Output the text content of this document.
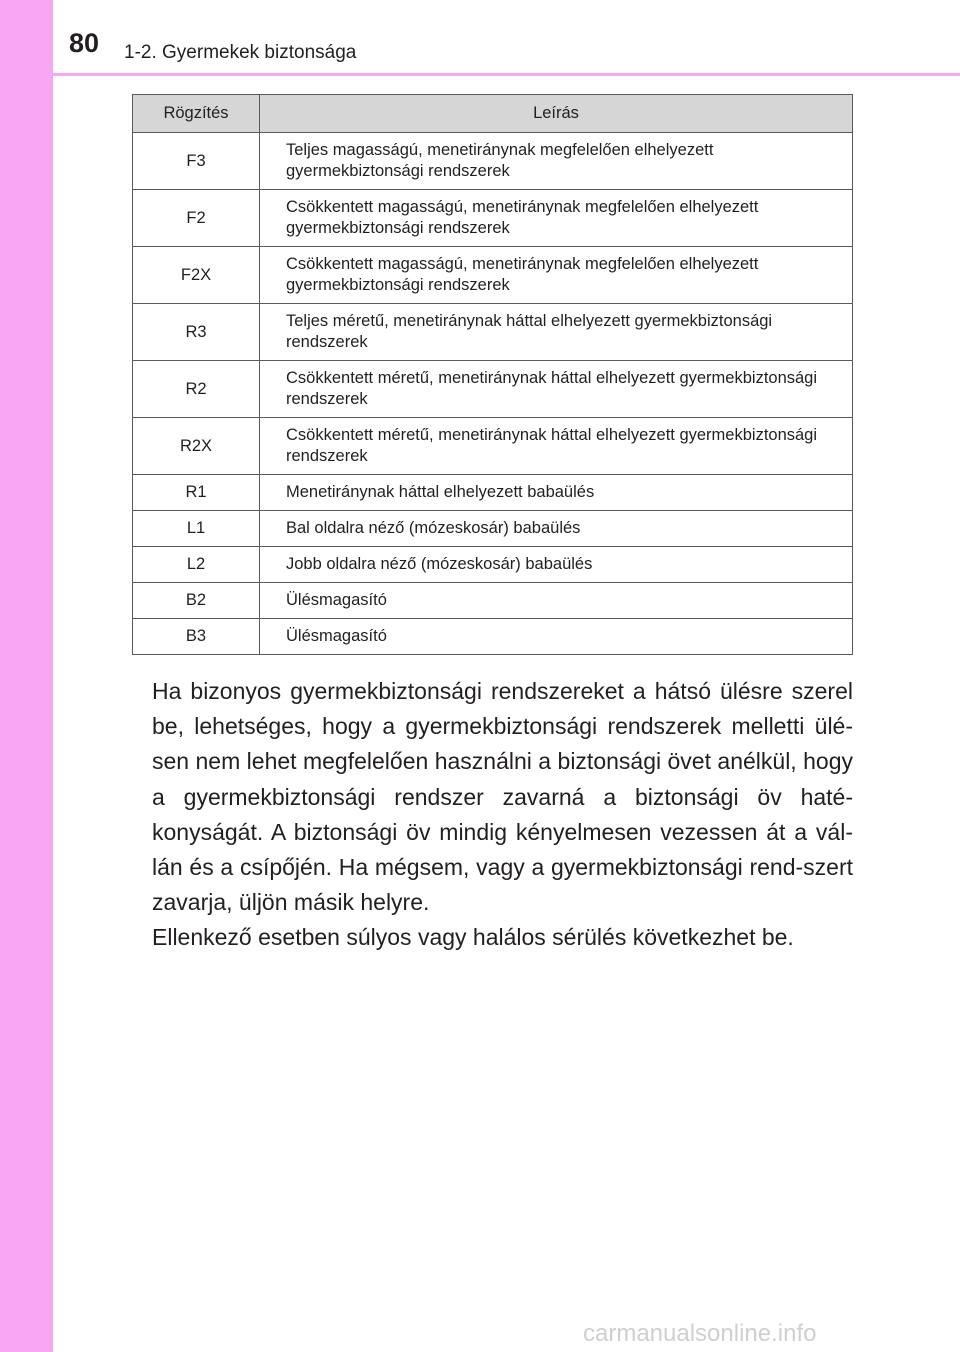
80 1-2. Gyermekek biztonsága
Rögzítés	Leírás
F3	Teljes magasságú, menetiránynak megfelelően elhelyezett gyermekbiztonsági rendszerek
F2	Csökkentett magasságú, menetiránynak megfelelően elhelyezett gyermekbiztonsági rendszerek
F2X	Csökkentett magasságú, menetiránynak megfelelően elhelyezett gyermekbiztonsági rendszerek
R3	Teljes méretű, menetiránynak háttal elhelyezett gyermekbiztonsági rendszerek
R2	Csökkentett méretű, menetiránynak háttal elhelyezett gyermekbiztonsági rendszerek
R2X	Csökkentett méretű, menetiránynak háttal elhelyezett gyermekbiztonsági rendszerek
R1	Menetiránynak háttal elhelyezett babaülés
L1	Bal oldalra néző (mózeskosár) babaülés
L2	Jobb oldalra néző (mózeskosár) babaülés
B2	Ülésmagasító
B3	Ülésmagasító

Ha bizonyos gyermekbiztonsági rendszereket a hátsó ülésre szerel be, lehetséges, hogy a gyermekbiztonsági rendszerek melletti ülé-sen nem lehet megfelelően használni a biztonsági övet anélkül, hogy a gyermekbiztonsági rendszer zavarná a biztonsági öv haté-konyságát. A biztonsági öv mindig kényelmesen vezessen át a vál-lán és a csípőjén. Ha mégsem, vagy a gyermekbiztonsági rend-szert zavarja, üljön másik helyre.

Ellenkező esetben súlyos vagy halálos sérülés következhet be.

carmanualsonline.info
